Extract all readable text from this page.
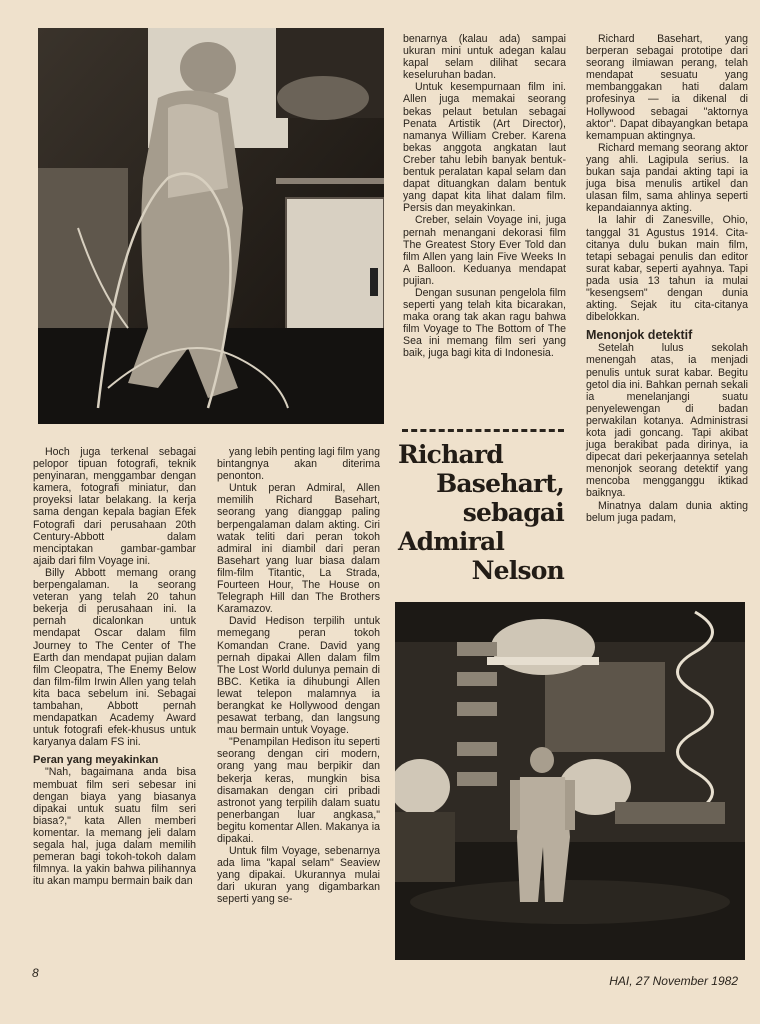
Hoch juga terkenal sebagai pelopor tipuan fotografi, teknik penyinaran, menggambar dengan kamera, fotografi miniatur, dan proyeksi latar belakang. Ia kerja sama dengan kepala bagian Efek Fotografi dari perusahaan 20th Century-Abbott dalam menciptakan gambar-gambar ajaib dari film Voyage ini.

Billy Abbott memang orang berpengalaman. Ia seorang veteran yang telah 20 tahun bekerja di perusahaan ini. Ia pernah dicalonkan untuk mendapat Oscar dalam film Journey to The Center of The Earth dan mendapat pujian dalam film Cleopatra, The Enemy Below dan film-film Irwin Allen yang telah kita baca sebelum ini. Sebagai tambahan, Abbott pernah mendapatkan Academy Award untuk fotografi efek-khusus untuk karyanya dalam FS ini.

Peran yang meyakinkan

"Nah, bagaimana anda bisa membuat film seri sebesar ini dengan biaya yang biasanya dipakai untuk suatu film seri biasa?," kata Allen memberi komentar. Ia memang jeli dalam segala hal, juga dalam memilih pemeran bagi tokoh-tokoh dalam filmnya. Ia yakin bahwa pilihannya itu akan mampu bermain baik dan

yang lebih penting lagi film yang bintangnya akan diterima penonton.

Untuk peran Admiral, Allen memilih Richard Basehart, seorang yang dianggap paling berpengalaman dalam akting. Ciri watak teliti dari peran tokoh admiral ini diambil dari peran Basehart yang luar biasa dalam film-film Titantic, La Strada, Fourteen Hour, The House on Telegraph Hill dan The Brothers Karamazov.

David Hedison terpilih untuk memegang peran tokoh Komandan Crane. David yang pernah dipakai Allen dalam film The Lost World dulunya pemain di BBC. Ketika ia dihubungi Allen lewat telepon malamnya ia berangkat ke Hollywood dengan pesawat terbang, dan langsung mau bermain untuk Voyage.

"Penampilan Hedison itu seperti seorang dengan ciri modern, orang yang mau berpikir dan bekerja keras, mungkin bisa disamakan dengan ciri pribadi astronot yang terpilih dalam suatu penerbangan luar angkasa," begitu komentar Allen. Makanya ia dipakai.

Untuk film Voyage, sebenarnya ada lima "kapal selam" Seaview yang dipakai. Ukurannya mulai dari ukuran yang digambarkan seperti yang se-

benarnya (kalau ada) sampai ukuran mini untuk adegan kalau kapal selam dilihat secara keseluruhan badan.

Untuk kesempurnaan film ini. Allen juga memakai seorang bekas pelaut betulan sebagai Penata Artistik (Art Director), namanya William Creber. Karena bekas anggota angkatan laut Creber tahu lebih banyak bentuk-bentuk peralatan kapal selam dan dapat dituangkan dalam bentuk yang dapat kita lihat dalam film. Persis dan meyakinkan.

Creber, selain Voyage ini, juga pernah menangani dekorasi film The Greatest Story Ever Told dan film Allen yang lain Five Weeks In A Balloon. Keduanya mendapat pujian.

Dengan susunan pengelola film seperti yang telah kita bicarakan, maka orang tak akan ragu bahwa film Voyage to The Bottom of The Sea ini memang film seri yang baik, juga bagi kita di Indonesia.

Richard
Basehart,
sebagai
Admiral
Nelson

Richard Basehart, yang berperan sebagai prototipe dari seorang ilmiawan perang, telah mendapat sesuatu yang membanggakan hati dalam profesinya — ia dikenal di Hollywood sebagai "aktornya aktor". Dapat dibayangkan betapa kemampuan aktingnya.

Richard memang seorang aktor yang ahli. Lagipula serius. Ia bukan saja pandai akting tapi ia juga bisa menulis artikel dan ulasan film, sama ahlinya seperti kepandaiannya akting.

Ia lahir di Zanesville, Ohio, tanggal 31 Agustus 1914. Cita-citanya dulu bukan main film, tetapi sebagai penulis dan editor surat kabar, seperti ayahnya. Tapi pada usia 13 tahun ia mulai "kesengsem" dengan dunia akting. Sejak itu cita-citanya dibelokkan.

Menonjok detektif

Setelah lulus sekolah menengah atas, ia menjadi penulis untuk surat kabar. Begitu getol dia ini. Bahkan pernah sekali ia menelanjangi suatu penyelewengan di badan perwakilan kotanya. Administrasi kota jadi goncang. Tapi akibat juga berakibat pada dirinya, ia dipecat dari pekerjaannya setelah menonjok seorang detektif yang mencoba mengganggu iktikad baiknya.

Minatnya dalam dunia akting belum juga padam,

8
HAI, 27 November 1982
